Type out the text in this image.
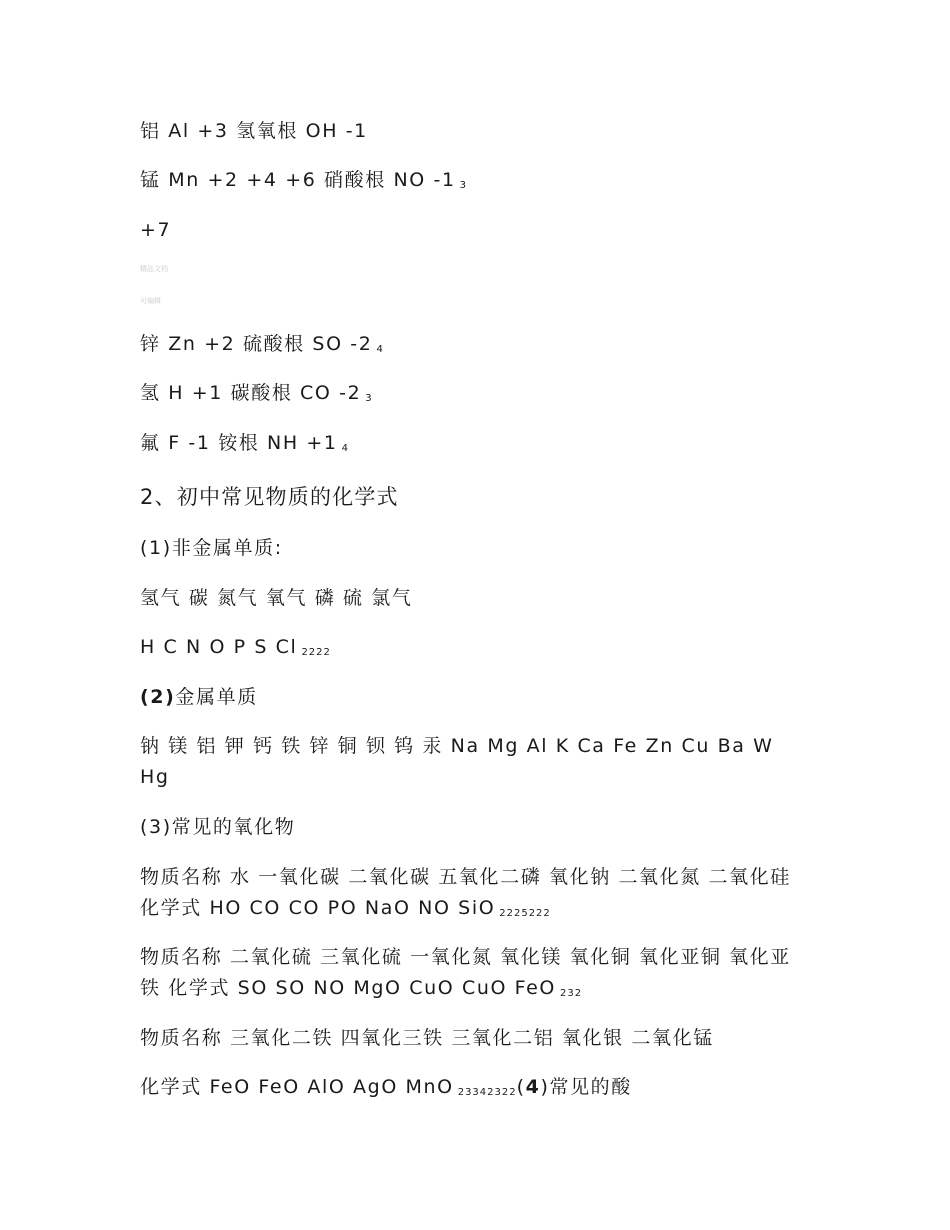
铝 Al +3 氢氧根 OH -1
锰 Mn +2 +4 +6 硝酸根 NO -1 3
+7
精品文档
可编辑
锌 Zn +2 硫酸根 SO -2 4
氢 H +1 碳酸根 CO -2 3
氟 F -1 铵根 NH +1 4
2、初中常见物质的化学式
(1)非金属单质:
氢气 碳 氮气 氧气 磷 硫 氯气
H C N O P S Cl 2222
(2)金属单质
钠 镁 铝 钾 钙 铁 锌 铜 钡 钨 汞 Na Mg Al K Ca Fe Zn Cu Ba W Hg
(3)常见的氧化物
物质名称 水 一氧化碳 二氧化碳 五氧化二磷 氧化钠 二氧化氮 二氧化硅 化学式 HO CO CO PO NaO NO SiO 2225222
物质名称 二氧化硫 三氧化硫 一氧化氮 氧化镁 氧化铜 氧化亚铜 氧化亚铁 化学式 SO SO NO MgO CuO CuO FeO 232
物质名称 三氧化二铁 四氧化三铁 三氧化二铝 氧化银 二氧化锰
化学式 FeO FeO AlO AgO MnO 23342322(4)常见的酸
